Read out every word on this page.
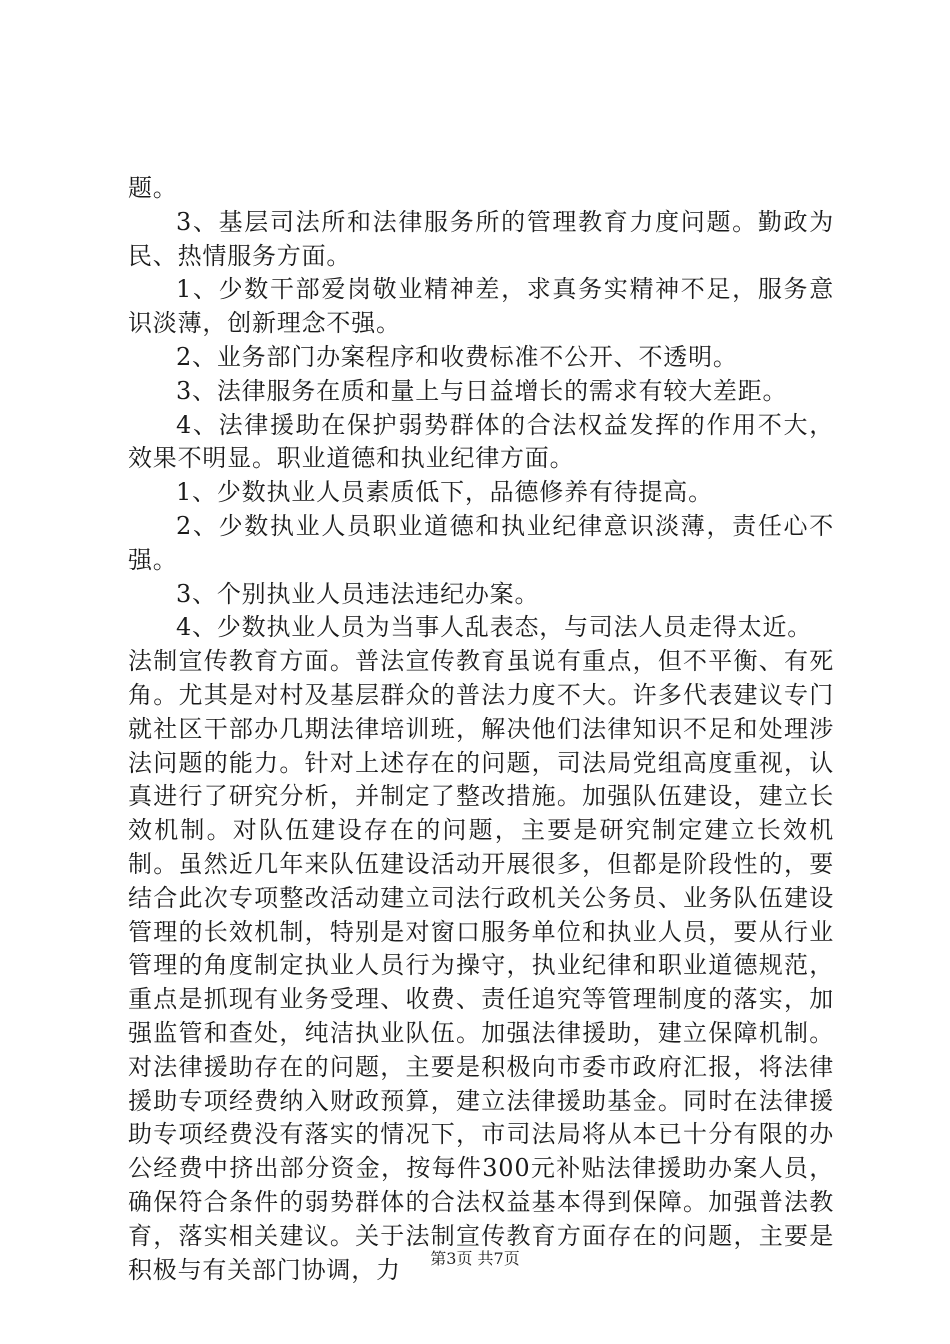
题。

3、基层司法所和法律服务所的管理教育力度问题。勤政为民、热情服务方面。

1、少数干部爱岗敬业精神差，求真务实精神不足，服务意识淡薄，创新理念不强。

2、业务部门办案程序和收费标准不公开、不透明。

3、法律服务在质和量上与日益增长的需求有较大差距。

4、法律援助在保护弱势群体的合法权益发挥的作用不大，效果不明显。职业道德和执业纪律方面。

1、少数执业人员素质低下，品德修养有待提高。

2、少数执业人员职业道德和执业纪律意识淡薄，责任心不强。

3、个别执业人员违法违纪办案。

4、少数执业人员为当事人乱表态，与司法人员走得太近。

法制宣传教育方面。普法宣传教育虽说有重点，但不平衡、有死角。尤其是对村及基层群众的普法力度不大。许多代表建议专门就社区干部办几期法律培训班，解决他们法律知识不足和处理涉法问题的能力。针对上述存在的问题，司法局党组高度重视，认真进行了研究分析，并制定了整改措施。加强队伍建设，建立长效机制。对队伍建设存在的问题，主要是研究制定建立长效机制。虽然近几年来队伍建设活动开展很多，但都是阶段性的，要结合此次专项整改活动建立司法行政机关公务员、业务队伍建设管理的长效机制，特别是对窗口服务单位和执业人员，要从行业管理的角度制定执业人员行为操守，执业纪律和职业道德规范，重点是抓现有业务受理、收费、责任追究等管理制度的落实，加强监管和查处，纯洁执业队伍。加强法律援助，建立保障机制。对法律援助存在的问题，主要是积极向市委市政府汇报，将法律援助专项经费纳入财政预算，建立法律援助基金。同时在法律援助专项经费没有落实的情况下，市司法局将从本已十分有限的办公经费中挤出部分资金，按每件300元补贴法律援助办案人员，确保符合条件的弱势群体的合法权益基本得到保障。加强普法教育，落实相关建议。关于法制宣传教育方面存在的问题，主要是积极与有关部门协调，力	第3页 共7页
